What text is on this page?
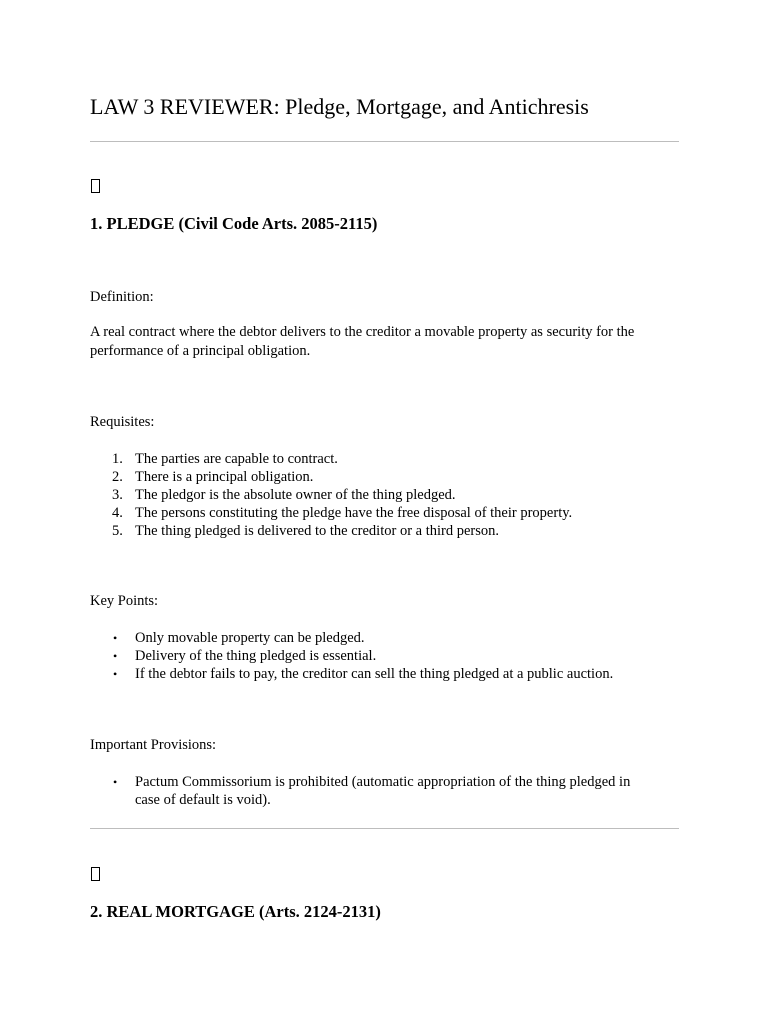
LAW 3 REVIEWER: Pledge, Mortgage, and Antichresis
1. PLEDGE (Civil Code Arts. 2085-2115)

Definition:

A real contract where the debtor delivers to the creditor a movable property as security for the performance of a principal obligation.

Requisites:

1. The parties are capable to contract.
2. There is a principal obligation.
3. The pledgor is the absolute owner of the thing pledged.
4. The persons constituting the pledge have the free disposal of their property.
5. The thing pledged is delivered to the creditor or a third person.

Key Points:

• Only movable property can be pledged.
• Delivery of the thing pledged is essential.
• If the debtor fails to pay, the creditor can sell the thing pledged at a public auction.

Important Provisions:

• Pactum Commissorium is prohibited (automatic appropriation of the thing pledged in case of default is void).
2. REAL MORTGAGE (Arts. 2124-2131)
